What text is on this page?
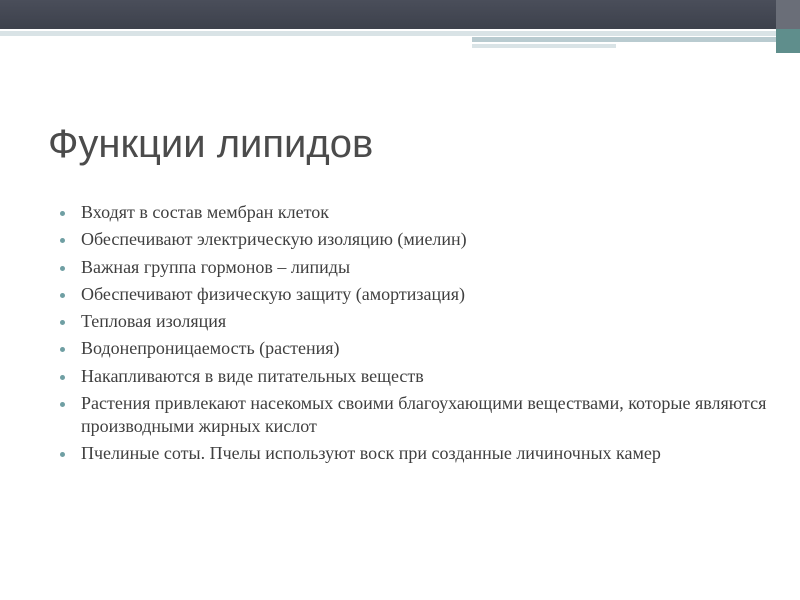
Функции липидов
Входят в состав мембран клеток
Обеспечивают электрическую изоляцию (миелин)
Важная группа гормонов – липиды
Обеспечивают физическую защиту (амортизация)
Тепловая изоляция
Водонепроницаемость (растения)
Накапливаются в виде питательных веществ
Растения привлекают насекомых своими благоухающими веществами, которые являются производными жирных кислот
Пчелиные соты. Пчелы используют воск при созданные личиночных камер
